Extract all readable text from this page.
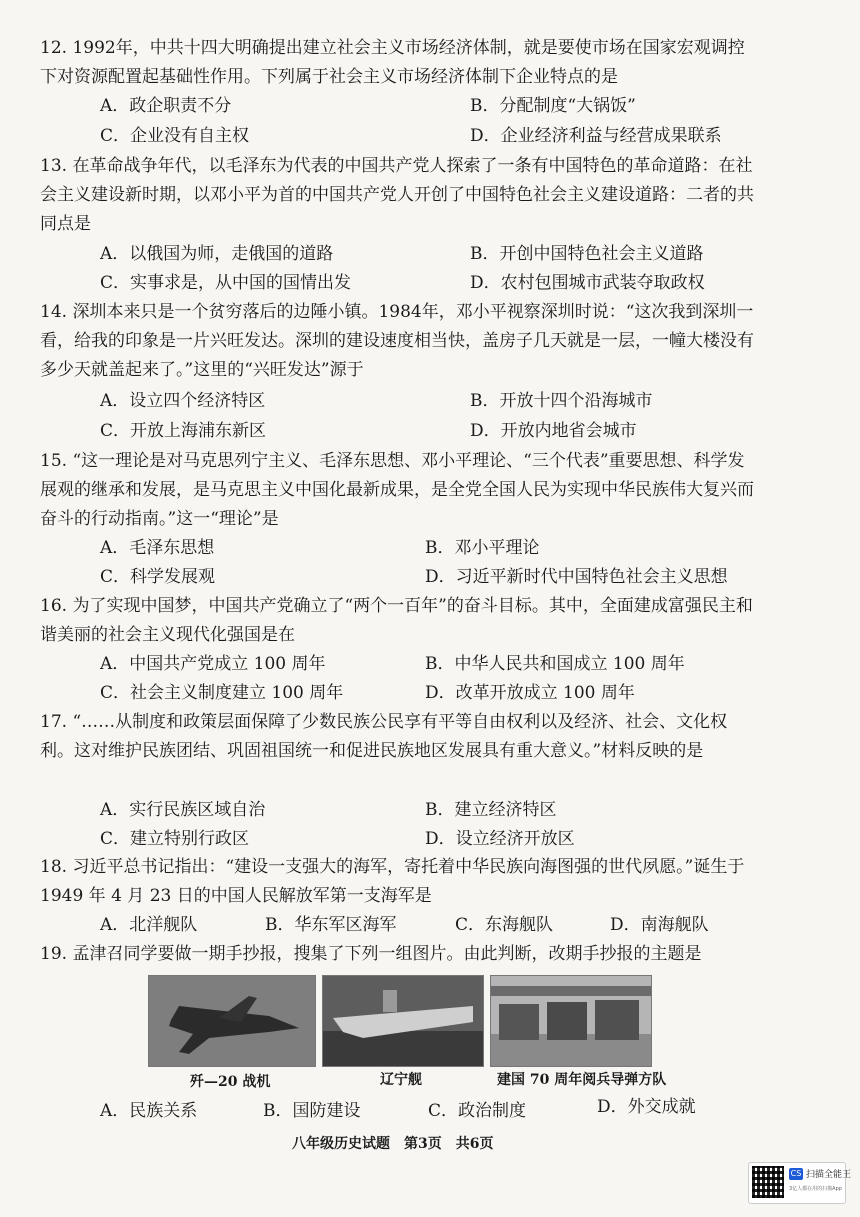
12. 1992年，中共十四大明确提出建立社会主义市场经济体制，就是要使市场在国家宏观调控下对资源配置起基础性作用。下列属于社会主义市场经济体制下企业特点的是
A．政企职责不分	B．分配制度“大锅饭”
C．企业没有自主权	D．企业经济利益与经营成果联系
13. 在革命战争年代，以毛泽东为代表的中国共产党人探索了一条有中国特色的革命道路：在社会主义建设新时期，以邓小平为首的中国共产党人开创了中国特色社会主义建设道路：二者的共同点是
A．以俄国为师，走俄国的道路	B．开创中国特色社会主义道路
C．实事求是，从中国的国情出发	D．农村包围城市武装夺取政权
14. 深圳本来只是一个贫穷落后的边陲小镇。1984年，邓小平视察深圳时说：“这次我到深圳一看，给我的印象是一片兴旺发达。深圳的建设速度相当快，盖房子几天就是一层，一幢大楼没有多少天就盖起来了。”这里的“兴旺发达”源于
A．设立四个经济特区	B．开放十四个沿海城市
C．开放上海浦东新区	D．开放内地省会城市
15. “这一理论是对马克思列宁主义、毛泽东思想、邓小平理论、“三个代表”重要思想、科学发展观的继承和发展，是马克思主义中国化最新成果，是全党全国人民为实现中华民族伟大复兴而奋斗的行动指南。”这一“理论”是
A．毛泽东思想	B．邓小平理论
C．科学发展观	D．习近平新时代中国特色社会主义思想
16. 为了实现中国梦，中国共产党确立了“两个一百年”的奋斗目标。其中，全面建成富强民主和谐美丽的社会主义现代化强国是在
A．中国共产党成立 100 周年	B．中华人民共和国成立 100 周年
C．社会主义制度建立 100 周年	D．改革开放成立 100 周年
17. “……从制度和政策层面保障了少数民族公民享有平等自由权利以及经济、社会、文化权利。这对维护民族团结、巩固祖国统一和促进民族地区发展具有重大意义。”材料反映的是
A．实行民族区域自治	B．建立经济特区
C．建立特别行政区	D．设立经济开放区
18. 习近平总书记指出：“建设一支强大的海军，寄托着中华民族向海图强的世代夙愿。”诞生于 1949 年 4 月 23 日的中国人民解放军第一支海军是
A．北洋舰队	B．华东军区海军	C．东海舰队	D．南海舰队
19. 孟津召同学要做一期手抄报，搜集了下列一组图片。由此判断，改期手抄报的主题是
歼—20 战机	辽宁舰	建国 70 周年阅兵导弹方队
A．民族关系	B．国防建设	C．政治制度	D．外交成就
八年级历史试题　第3页　共6页
CS 扫描全能王
3亿人都在用的扫描App
